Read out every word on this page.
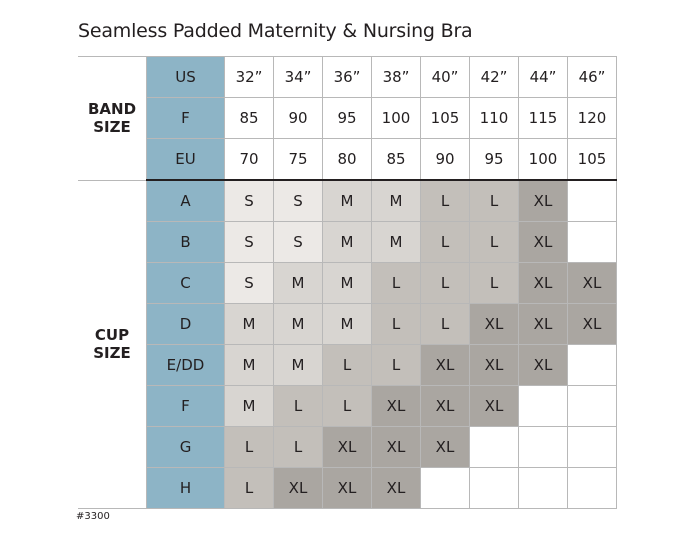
Seamless Padded Maternity & Nursing Bra
BAND
SIZE	US	32”	34”	36”	38”	40”	42”	44”	46”
	F	85	90	95	100	105	110	115	120
	EU	70	75	80	85	90	95	100	105

CUP
SIZE	A	S	S	M	M	L	L	XL	
	B	S	S	M	M	L	L	XL	
	C	S	M	M	L	L	L	XL	XL
	D	M	M	M	L	L	XL	XL	XL
	E/DD	M	M	L	L	XL	XL	XL	
	F	M	L	L	XL	XL	XL		
	G	L	L	XL	XL	XL			
	H	L	XL	XL	XL				
#3300
